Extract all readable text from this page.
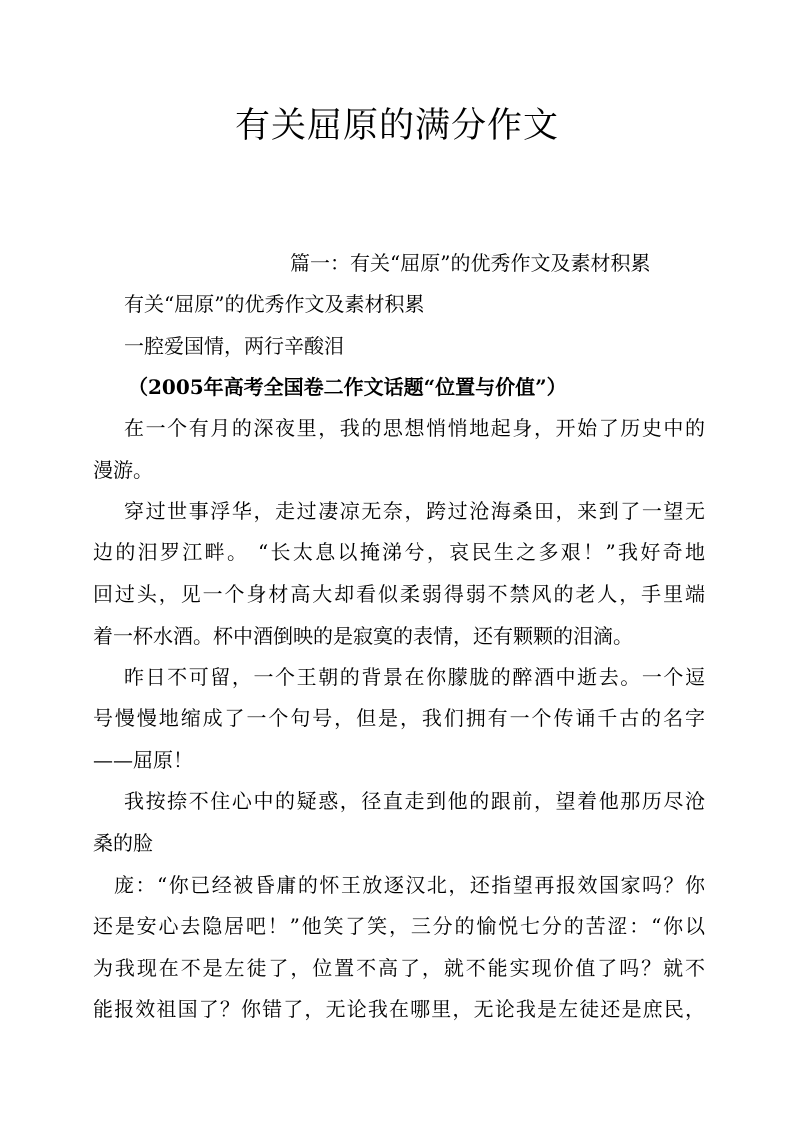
有关屈原的满分作文
篇一：有关“屈原”的优秀作文及素材积累
有关“屈原”的优秀作文及素材积累
一腔爱国情，两行辛酸泪
（2005年高考全国卷二作文话题“位置与价值”）
在一个有月的深夜里，我的思想悄悄地起身，开始了历史中的
漫游。
穿过世事浮华，走过凄凉无奈，跨过沧海桑田，来到了一望无
边的汨罗江畔。 “长太息以掩涕兮，哀民生之多艰！”我好奇地
回过头，见一个身材高大却看似柔弱得弱不禁风的老人，手里端
着一杯水酒。杯中酒倒映的是寂寞的表情，还有颗颗的泪滴。
昨日不可留，一个王朝的背景在你朦胧的醉酒中逝去。一个逗
号慢慢地缩成了一个句号，但是，我们拥有一个传诵千古的名字
——屈原！
我按捺不住心中的疑惑，径直走到他的跟前，望着他那历尽沧
桑的脸
庞：“你已经被昏庸的怀王放逐汉北，还指望再报效国家吗？你
还是安心去隐居吧！”他笑了笑，三分的愉悦七分的苦涩：“你以
为我现在不是左徒了，位置不高了，就不能实现价值了吗？就不
能报效祖国了？你错了，无论我在哪里，无论我是左徒还是庶民，
